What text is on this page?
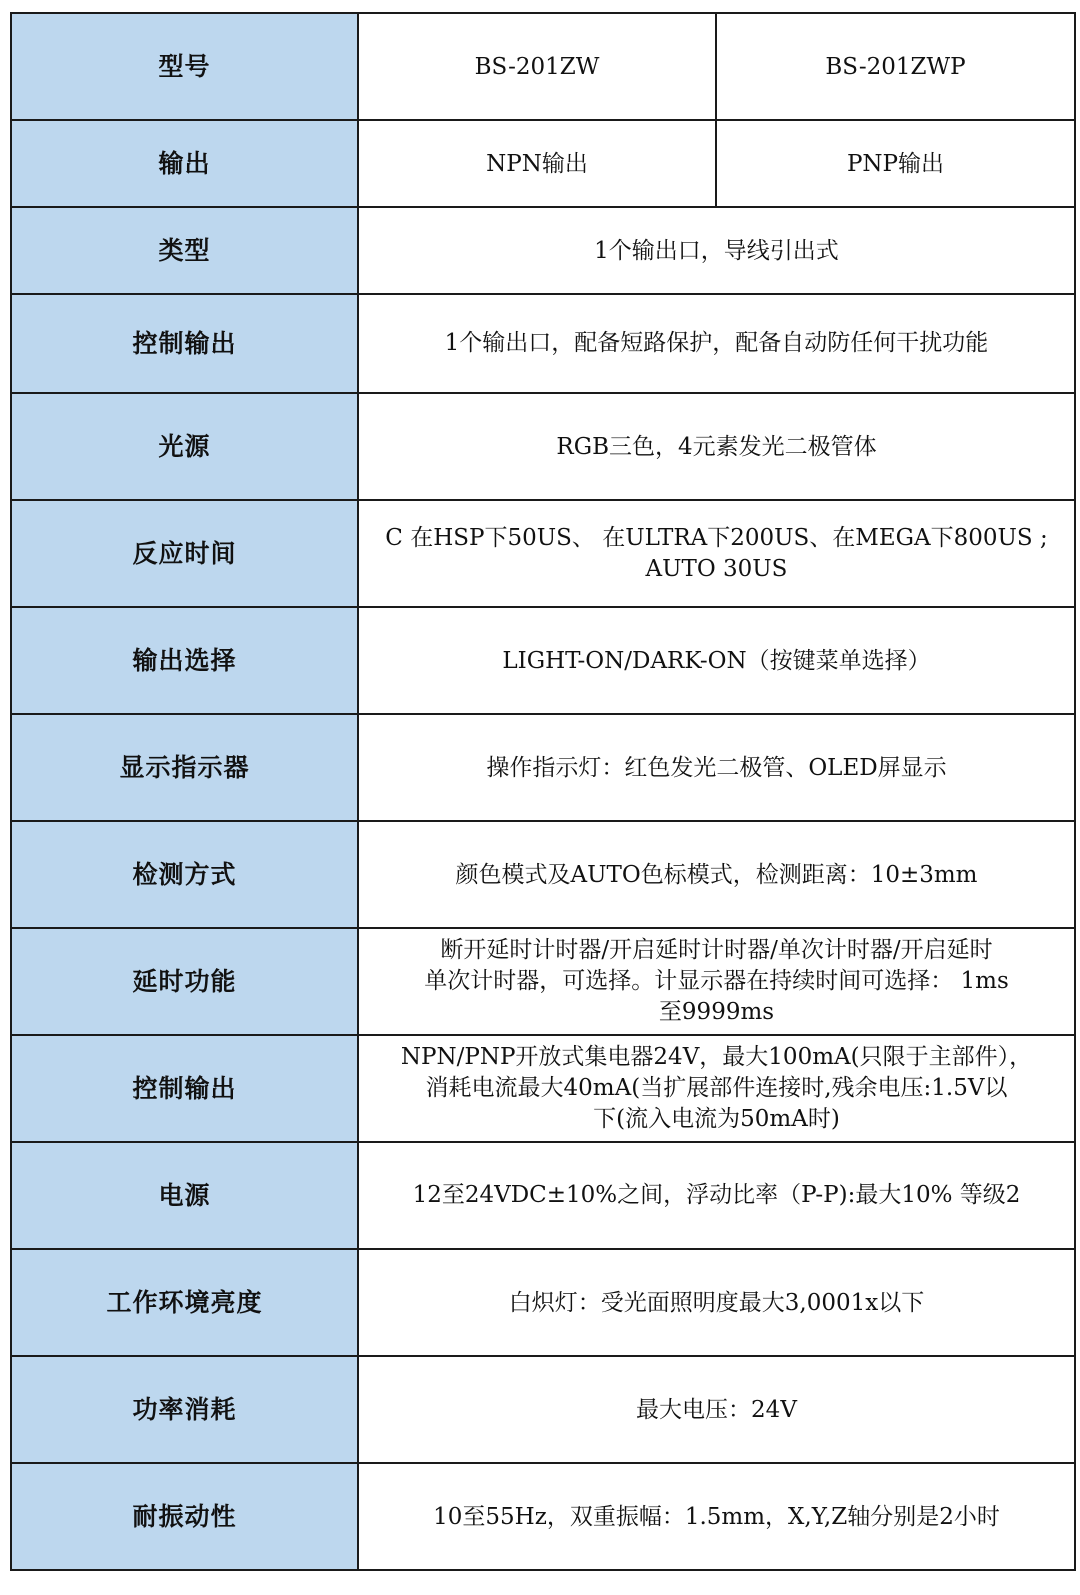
型号	BS-201ZW	BS-201ZWP
输出	NPN输出	PNP输出
类型	1个输出口，导线引出式	
控制输出	1个输出口，配备短路保护，配备自动防任何干扰功能	
光源	RGB三色，4元素发光二极管体	
反应时间	C 在HSP下50US、 在ULTRA下200US、在MEGA下800US ;
AUTO 30US	

输出选择	LIGHT-ON/DARK-ON（按键菜单选择）	
显示指示器	操作指示灯：红色发光二极管、OLED屏显示	
检测方式	颜色模式及AUTO色标模式，检测距离：10±3mm	
延时功能	断开延时计时器/开启延时计时器/单次计时器/开启延时
单次计时器，可选择。计显示器在持续时间可选择： 1ms
至9999ms	

控制输出	NPN/PNP开放式集电器24V，最大100mA(只限于主部件），
消耗电流最大40mA(当扩展部件连接时,残余电压:1.5V以
下(流入电流为50mA时)	

电源	12至24VDC±10%之间，浮动比率（P-P):最大10% 等级2	
工作环境亮度	白炽灯：受光面照明度最大3,0001x以下	
功率消耗	最大电压：24V	
耐振动性	10至55Hz，双重振幅：1.5mm，X,Y,Z轴分别是2小时	
